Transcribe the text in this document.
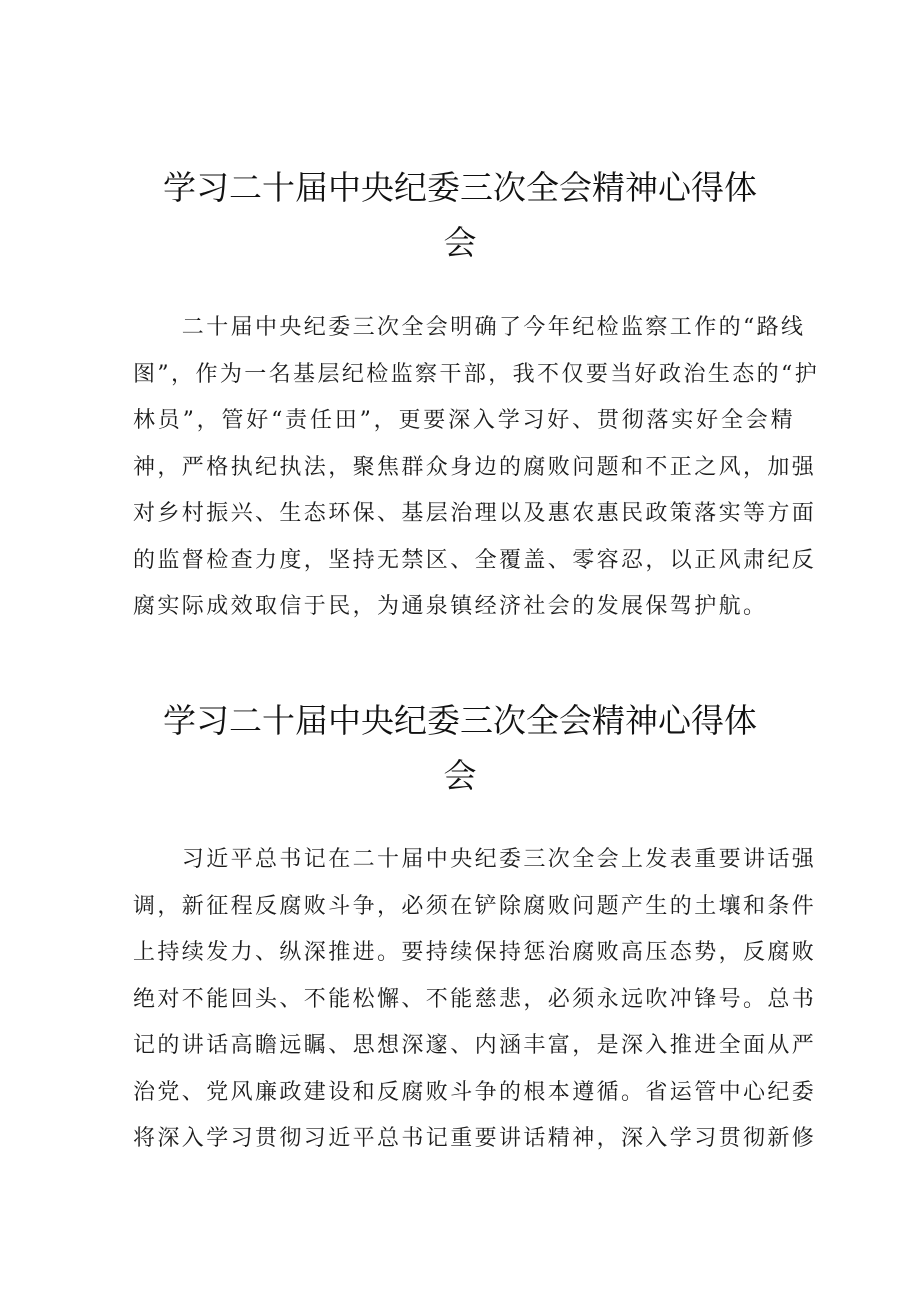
学习二十届中央纪委三次全会精神心得体
会
　　二十届中央纪委三次全会明确了今年纪检监察工作的“路线
图”，作为一名基层纪检监察干部，我不仅要当好政治生态的“护
林员”，管好“责任田”，更要深入学习好、贯彻落实好全会精
神，严格执纪执法，聚焦群众身边的腐败问题和不正之风，加强
对乡村振兴、生态环保、基层治理以及惠农惠民政策落实等方面
的监督检查力度，坚持无禁区、全覆盖、零容忍，以正风肃纪反
腐实际成效取信于民，为通泉镇经济社会的发展保驾护航。
学习二十届中央纪委三次全会精神心得体
会
　　习近平总书记在二十届中央纪委三次全会上发表重要讲话强
调，新征程反腐败斗争，必须在铲除腐败问题产生的土壤和条件
上持续发力、纵深推进。要持续保持惩治腐败高压态势，反腐败
绝对不能回头、不能松懈、不能慈悲，必须永远吹冲锋号。总书
记的讲话高瞻远瞩、思想深邃、内涵丰富，是深入推进全面从严
治党、党风廉政建设和反腐败斗争的根本遵循。省运管中心纪委
将深入学习贯彻习近平总书记重要讲话精神，深入学习贯彻新修
